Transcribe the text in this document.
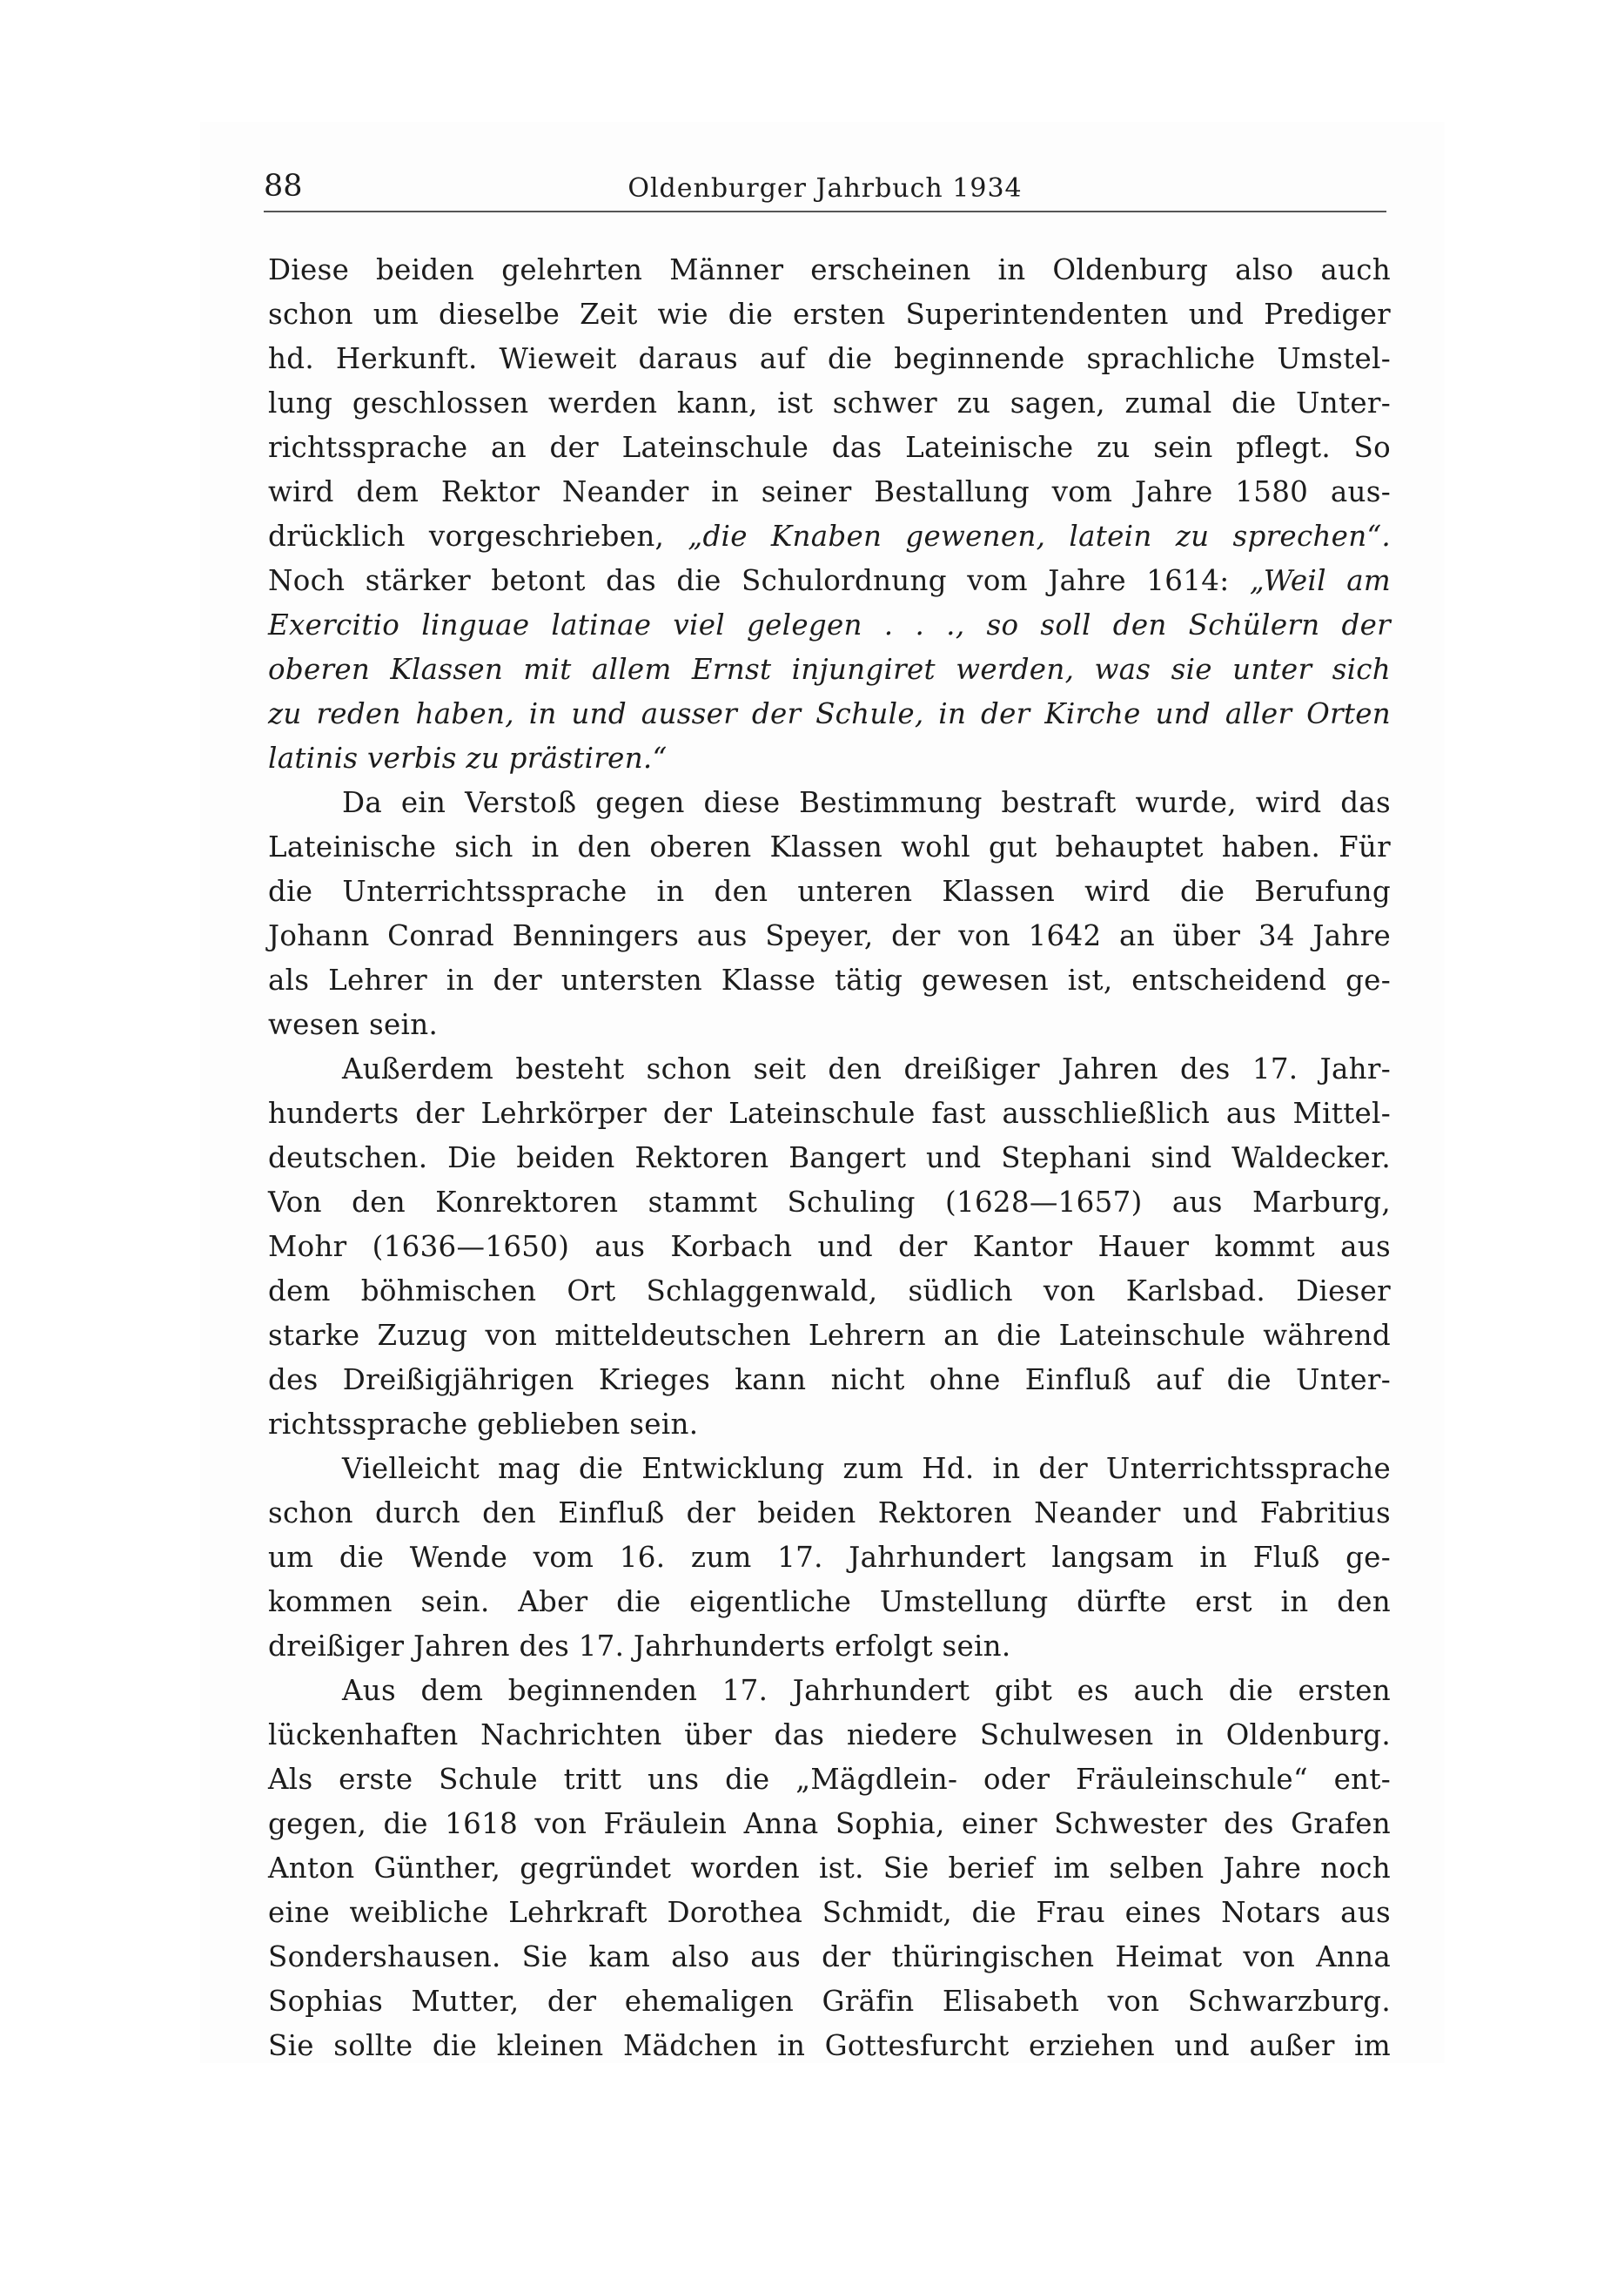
88	Oldenburger Jahrbuch 1934
Diese beiden gelehrten Männer erscheinen in Oldenburg also auch
schon um dieselbe Zeit wie die ersten Superintendenten und Prediger
hd. Herkunft. Wieweit daraus auf die beginnende sprachliche Umstel-
lung geschlossen werden kann, ist schwer zu sagen, zumal die Unter-
richtssprache an der Lateinschule das Lateinische zu sein pflegt. So
wird dem Rektor Neander in seiner Bestallung vom Jahre 1580 aus-
drücklich vorgeschrieben, „die Knaben gewenen, latein zu sprechen“.
Noch stärker betont das die Schulordnung vom Jahre 1614: „Weil am
Exercitio linguae latinae viel gelegen . . ., so soll den Schülern der
oberen Klassen mit allem Ernst injungiret werden, was sie unter sich
zu reden haben, in und ausser der Schule, in der Kirche und aller Orten
latinis verbis zu prästiren.“
Da ein Verstoß gegen diese Bestimmung bestraft wurde, wird das
Lateinische sich in den oberen Klassen wohl gut behauptet haben. Für
die Unterrichtssprache in den unteren Klassen wird die Berufung
Johann Conrad Benningers aus Speyer, der von 1642 an über 34 Jahre
als Lehrer in der untersten Klasse tätig gewesen ist, entscheidend ge-
wesen sein.
Außerdem besteht schon seit den dreißiger Jahren des 17. Jahr-
hunderts der Lehrkörper der Lateinschule fast ausschließlich aus Mittel-
deutschen. Die beiden Rektoren Bangert und Stephani sind Waldecker.
Von den Konrektoren stammt Schuling (1628—1657) aus Marburg,
Mohr (1636—1650) aus Korbach und der Kantor Hauer kommt aus
dem böhmischen Ort Schlaggenwald, südlich von Karlsbad. Dieser
starke Zuzug von mitteldeutschen Lehrern an die Lateinschule während
des Dreißigjährigen Krieges kann nicht ohne Einfluß auf die Unter-
richtssprache geblieben sein.
Vielleicht mag die Entwicklung zum Hd. in der Unterrichtssprache
schon durch den Einfluß der beiden Rektoren Neander und Fabritius
um die Wende vom 16. zum 17. Jahrhundert langsam in Fluß ge-
kommen sein. Aber die eigentliche Umstellung dürfte erst in den
dreißiger Jahren des 17. Jahrhunderts erfolgt sein.
Aus dem beginnenden 17. Jahrhundert gibt es auch die ersten
lückenhaften Nachrichten über das niedere Schulwesen in Oldenburg.
Als erste Schule tritt uns die „Mägdlein- oder Fräuleinschule“ ent-
gegen, die 1618 von Fräulein Anna Sophia, einer Schwester des Grafen
Anton Günther, gegründet worden ist. Sie berief im selben Jahre noch
eine weibliche Lehrkraft Dorothea Schmidt, die Frau eines Notars aus
Sondershausen. Sie kam also aus der thüringischen Heimat von Anna
Sophias Mutter, der ehemaligen Gräfin Elisabeth von Schwarzburg.
Sie sollte die kleinen Mädchen in Gottesfurcht erziehen und außer im
